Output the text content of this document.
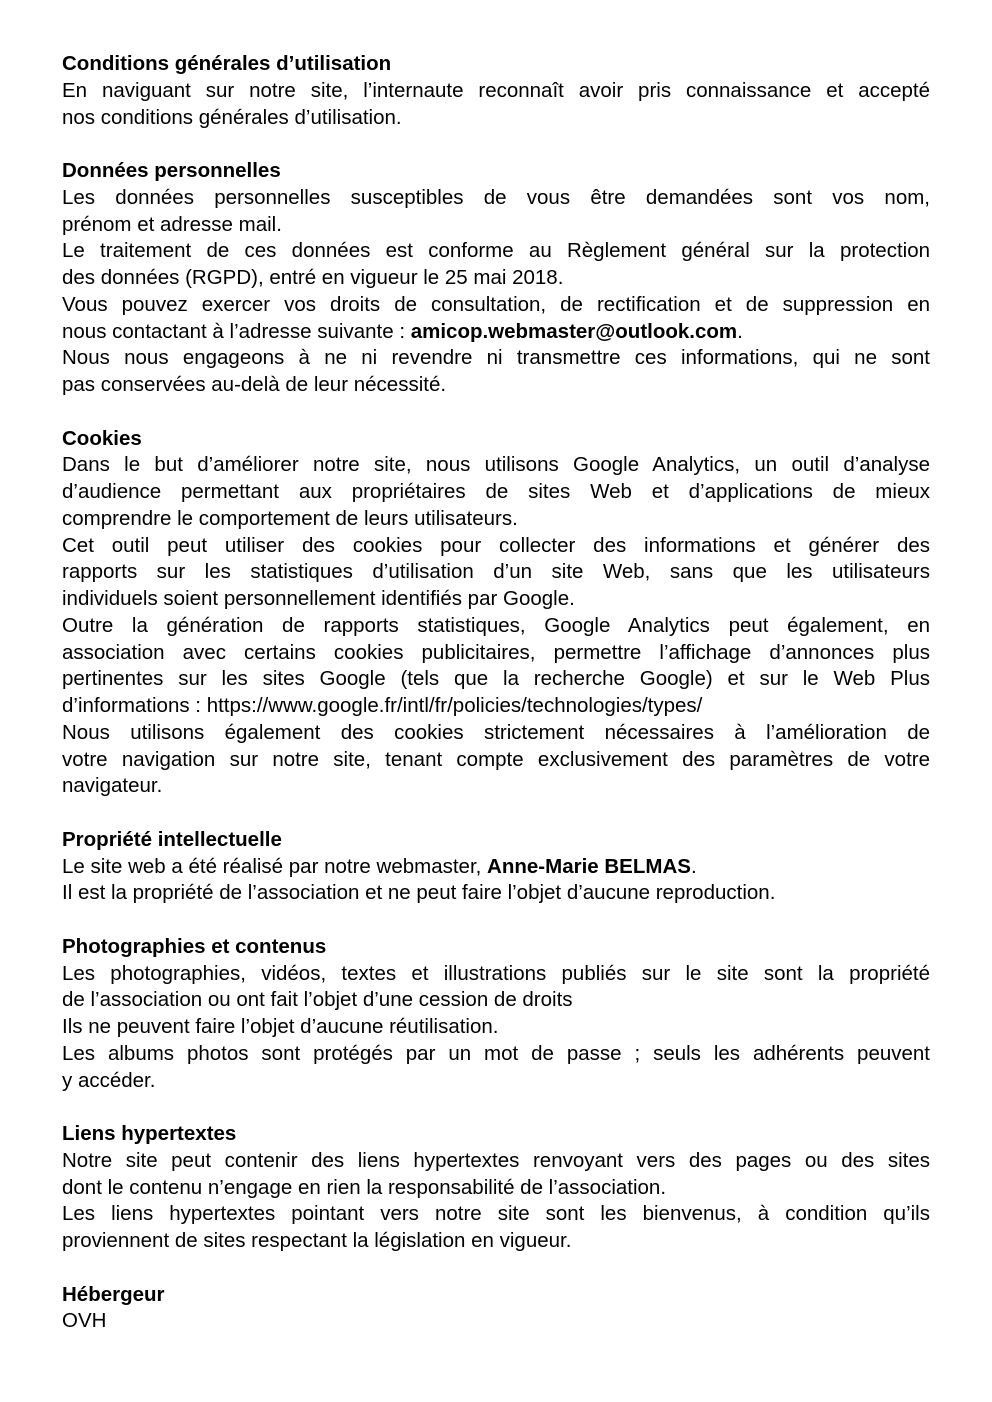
Conditions générales d’utilisation
En naviguant sur notre site, l’internaute reconnaît avoir pris connaissance et accepté
nos conditions générales d’utilisation.
Données personnelles
Les données personnelles susceptibles de vous être demandées sont vos nom,
prénom et adresse mail.
Le traitement de ces données est conforme au Règlement général sur la protection
des données (RGPD), entré en vigueur le 25 mai 2018.
Vous pouvez exercer vos droits de consultation, de rectification et de suppression en
nous contactant à l’adresse suivante : amicop.webmaster@outlook.com.
Nous nous engageons à ne ni revendre ni transmettre ces informations, qui ne sont
pas conservées au-delà de leur nécessité.
Cookies
Dans le but d’améliorer notre site, nous utilisons Google Analytics, un outil d’analyse
d’audience permettant aux propriétaires de sites Web et d’applications de mieux
comprendre le comportement de leurs utilisateurs.
Cet outil peut utiliser des cookies pour collecter des informations et générer des
rapports sur les statistiques d’utilisation d’un site Web, sans que les utilisateurs
individuels soient personnellement identifiés par Google.
Outre la génération de rapports statistiques, Google Analytics peut également, en
association avec certains cookies publicitaires, permettre l’affichage d’annonces plus
pertinentes sur les sites Google (tels que la recherche Google) et sur le Web Plus
d’informations : https://www.google.fr/intl/fr/policies/technologies/types/
Nous utilisons également des cookies strictement nécessaires à l’amélioration de
votre navigation sur notre site, tenant compte exclusivement des paramètres de votre
navigateur.
Propriété intellectuelle
Le site web a été réalisé par notre webmaster, Anne-Marie BELMAS.
Il est la propriété de l’association et ne peut faire l’objet d’aucune reproduction.
Photographies et contenus
Les photographies, vidéos, textes et illustrations publiés sur le site sont la propriété
de l’association ou ont fait l’objet d’une cession de droits
Ils ne peuvent faire l’objet d’aucune réutilisation.
Les albums photos sont protégés par un mot de passe ; seuls les adhérents peuvent
y accéder.
Liens hypertextes
Notre site peut contenir des liens hypertextes renvoyant vers des pages ou des sites
dont le contenu n’engage en rien la responsabilité de l’association.
Les liens hypertextes pointant vers notre site sont les bienvenus, à condition qu’ils
proviennent de sites respectant la législation en vigueur.
Hébergeur
OVH
